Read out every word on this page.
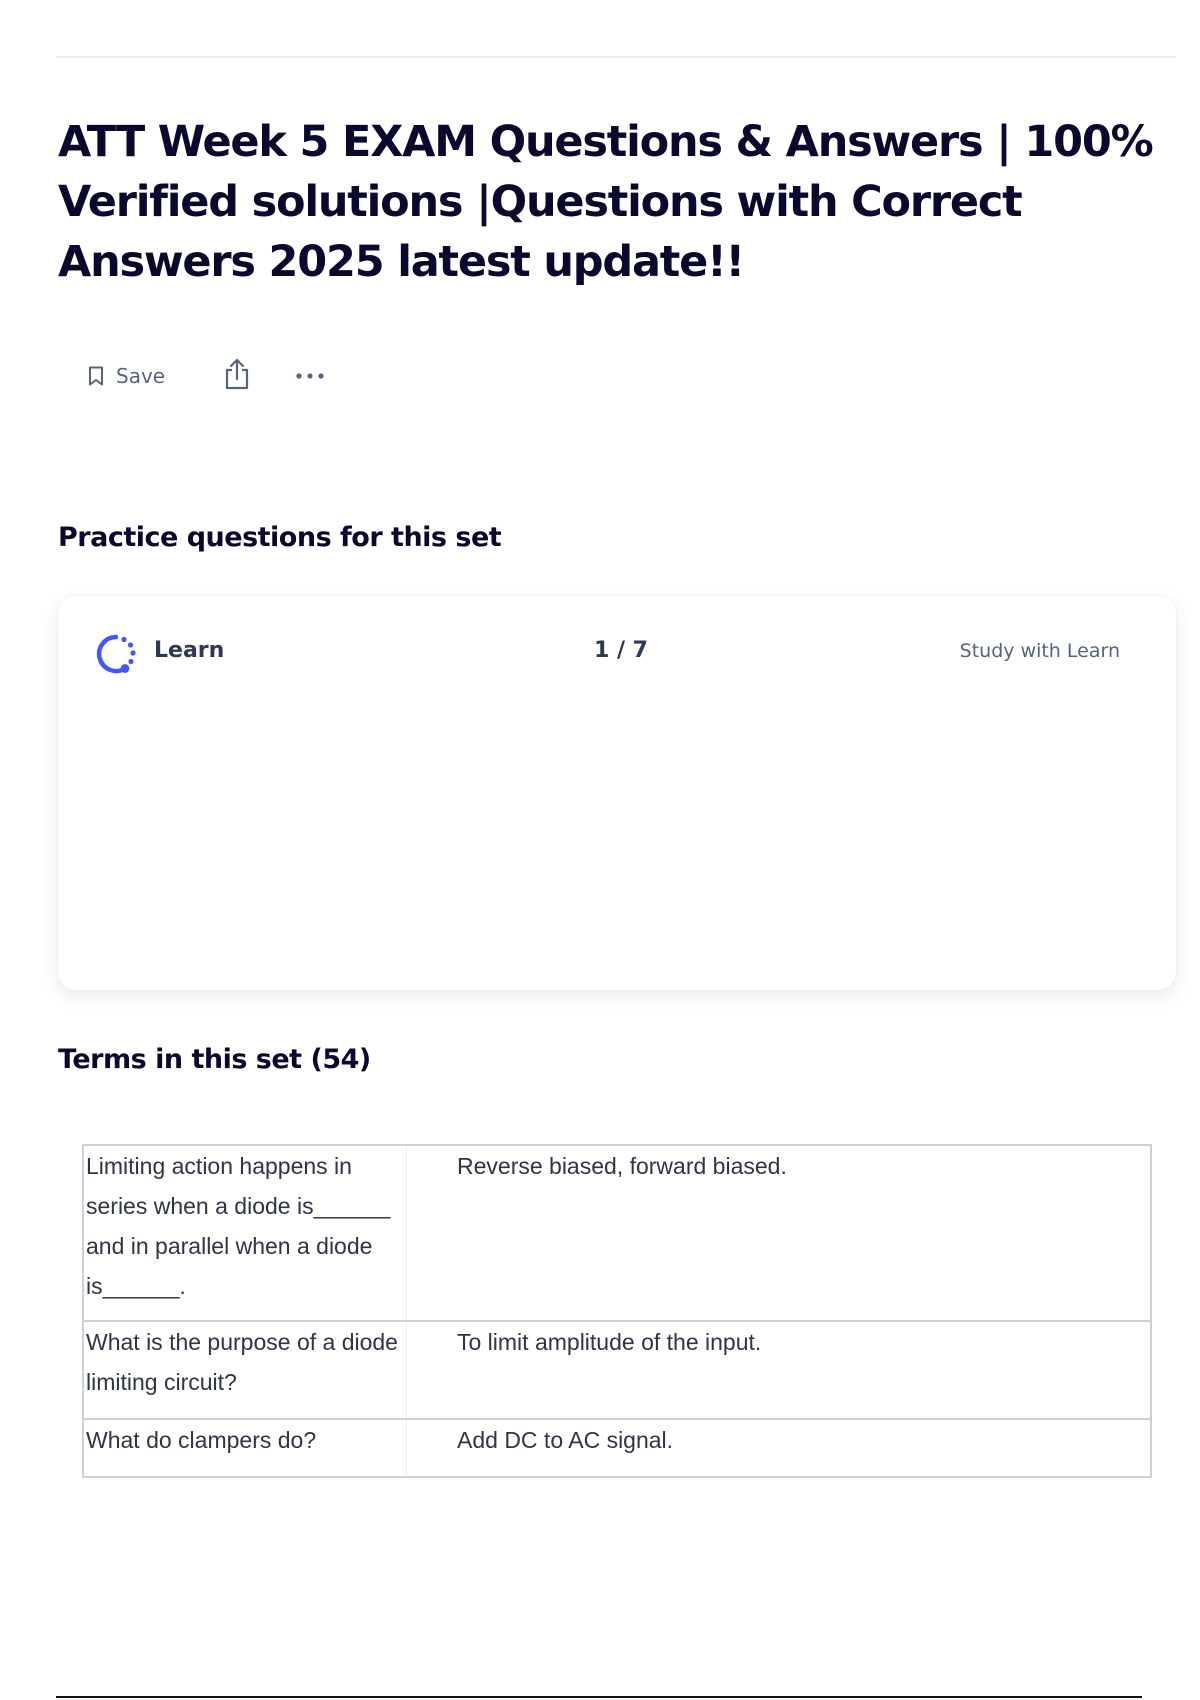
ATT Week 5 EXAM Questions & Answers | 100% Verified solutions |Questions with Correct Answers 2025 latest update!!
Save
Practice questions for this set
Learn	1 / 7	Study with Learn
Terms in this set (54)
Limiting action happens in series when a diode is______ and in parallel when a diode is______.	Reverse biased, forward biased.
What is the purpose of a diode limiting circuit?	To limit amplitude of the input.
What do clampers do?	Add DC to AC signal.
